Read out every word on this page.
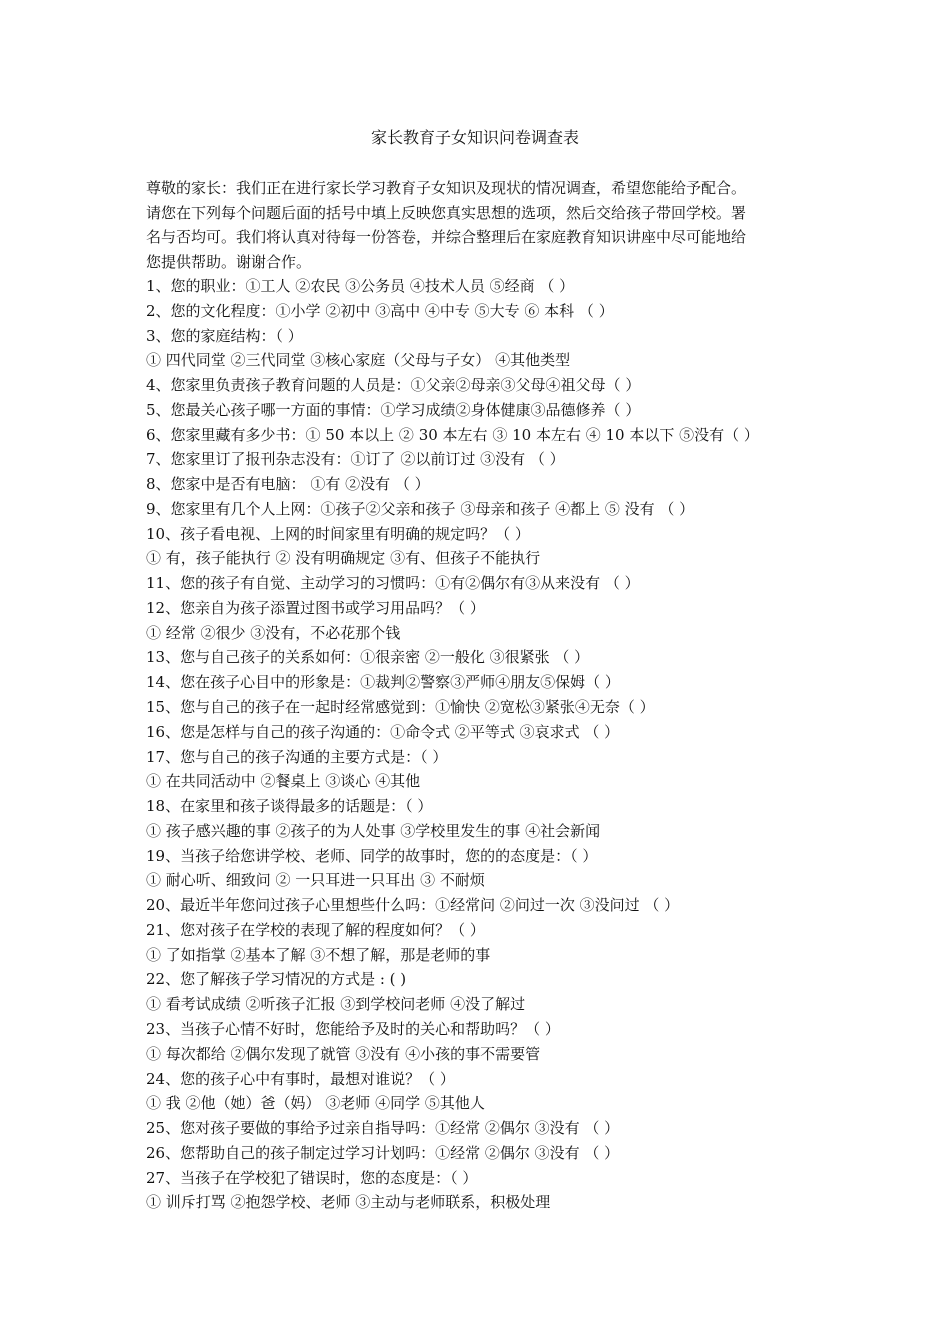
家长教育子女知识问卷调查表
尊敬的家长：我们正在进行家长学习教育子女知识及现状的情况调查，希望您能给予配合。
请您在下列每个问题后面的括号中填上反映您真实思想的选项，然后交给孩子带回学校。署
名与否均可。我们将认真对待每一份答卷，并综合整理后在家庭教育知识讲座中尽可能地给
您提供帮助。谢谢合作。
1、您的职业：①工人 ②农民 ③公务员 ④技术人员 ⑤经商 （ ）
2、您的文化程度：①小学 ②初中 ③高中 ④中专 ⑤大专 ⑥ 本科 （ ）
3、您的家庭结构：（ ）
① 四代同堂 ②三代同堂 ③核心家庭（父母与子女） ④其他类型
4、您家里负责孩子教育问题的人员是：①父亲②母亲③父母④祖父母（ ）
5、您最关心孩子哪一方面的事情：①学习成绩②身体健康③品德修养（ ）
6、您家里藏有多少书：① 50 本以上 ② 30 本左右 ③ 10 本左右 ④ 10 本以下 ⑤没有（ ）
7、您家里订了报刊杂志没有：①订了 ②以前订过 ③没有 （ ）
8、您家中是否有电脑： ①有 ②没有 （ ）
9、您家里有几个人上网：①孩子②父亲和孩子 ③母亲和孩子 ④都上 ⑤ 没有 （ ）
10、孩子看电视、上网的时间家里有明确的规定吗？（ ）
① 有，孩子能执行 ② 没有明确规定 ③有、但孩子不能执行
11、您的孩子有自觉、主动学习的习惯吗：①有②偶尔有③从来没有 （ ）
12、您亲自为孩子添置过图书或学习用品吗？（ ）
① 经常 ②很少 ③没有，不必花那个钱
13、您与自己孩子的关系如何：①很亲密 ②一般化 ③很紧张 （ ）
14、您在孩子心目中的形象是：①裁判②警察③严师④朋友⑤保姆（ ）
15、您与自己的孩子在一起时经常感觉到：①愉快 ②宽松③紧张④无奈（ ）
16、您是怎样与自己的孩子沟通的：①命令式 ②平等式 ③哀求式 （ ）
17、您与自己的孩子沟通的主要方式是：（ ）
① 在共同活动中 ②餐桌上 ③谈心 ④其他
18、在家里和孩子谈得最多的话题是：（ ）
① 孩子感兴趣的事 ②孩子的为人处事 ③学校里发生的事 ④社会新闻
19、当孩子给您讲学校、老师、同学的故事时，您的的态度是：（ ）
① 耐心听、细致问 ② 一只耳进一只耳出 ③ 不耐烦
20、最近半年您问过孩子心里想些什么吗：①经常问 ②问过一次 ③没问过 （ ）
21、您对孩子在学校的表现了解的程度如何？（ ）
① 了如指掌 ②基本了解 ③不想了解，那是老师的事
22、您了解孩子学习情况的方式是 : ( )
① 看考试成绩 ②听孩子汇报 ③到学校问老师 ④没了解过
23、当孩子心情不好时，您能给予及时的关心和帮助吗？（ ）
① 每次都给 ②偶尔发现了就管 ③没有 ④小孩的事不需要管
24、您的孩子心中有事时，最想对谁说？（ ）
① 我 ②他（她）爸（妈） ③老师 ④同学 ⑤其他人
25、您对孩子要做的事给予过亲自指导吗：①经常 ②偶尔 ③没有 （ ）
26、您帮助自己的孩子制定过学习计划吗：①经常 ②偶尔 ③没有 （ ）
27、当孩子在学校犯了错误时，您的态度是：（ ）
① 训斥打骂 ②抱怨学校、老师 ③主动与老师联系，积极处理
